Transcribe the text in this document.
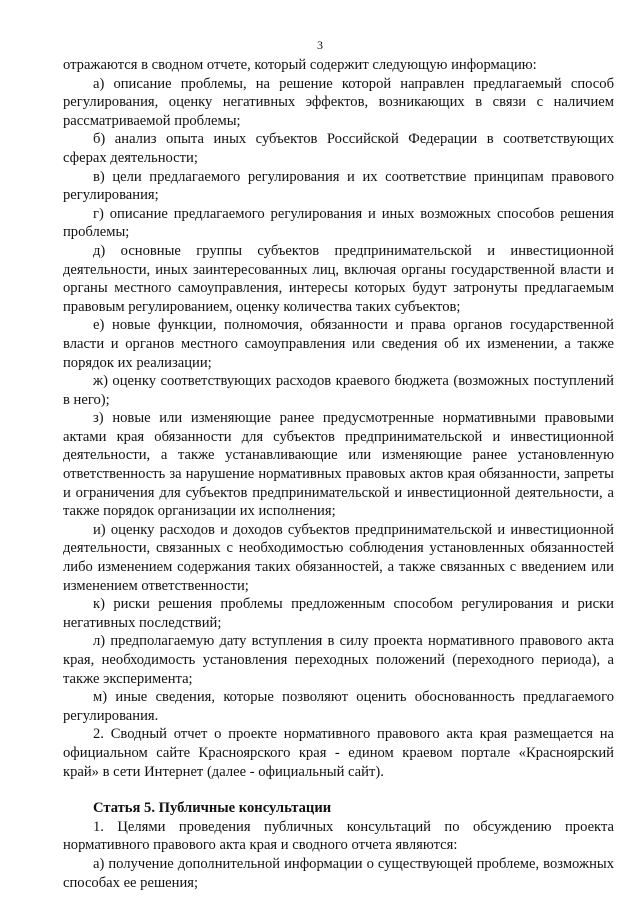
3

отражаются в сводном отчете, который содержит следующую информацию:

а) описание проблемы, на решение которой направлен предлагаемый способ регулирования, оценку негативных эффектов, возникающих в связи с наличием рассматриваемой проблемы;

б) анализ опыта иных субъектов Российской Федерации в соответствующих сферах деятельности;

в) цели предлагаемого регулирования и их соответствие принципам правового регулирования;

г) описание предлагаемого регулирования и иных возможных способов решения проблемы;

д) основные группы субъектов предпринимательской и инвестиционной деятельности, иных заинтересованных лиц, включая органы государственной власти и органы местного самоуправления, интересы которых будут затронуты предлагаемым правовым регулированием, оценку количества таких субъектов;

е) новые функции, полномочия, обязанности и права органов государственной власти и органов местного самоуправления или сведения об их изменении, а также порядок их реализации;

ж) оценку соответствующих расходов краевого бюджета (возможных поступлений в него);

з) новые или изменяющие ранее предусмотренные нормативными правовыми актами края обязанности для субъектов предпринимательской и инвестиционной деятельности, а также устанавливающие или изменяющие ранее установленную ответственность за нарушение нормативных правовых актов края обязанности, запреты и ограничения для субъектов предпринимательской и инвестиционной деятельности, а также порядок организации их исполнения;

и) оценку расходов и доходов субъектов предпринимательской и инвестиционной деятельности, связанных с необходимостью соблюдения установленных обязанностей либо изменением содержания таких обязанностей, а также связанных с введением или изменением ответственности;

к) риски решения проблемы предложенным способом регулирования и риски негативных последствий;

л) предполагаемую дату вступления в силу проекта нормативного правового акта края, необходимость установления переходных положений (переходного периода), а также эксперимента;

м) иные сведения, которые позволяют оценить обоснованность предлагаемого регулирования.

2. Сводный отчет о проекте нормативного правового акта края размещается на официальном сайте Красноярского края - едином краевом портале «Красноярский край» в сети Интернет (далее - официальный сайт).

Статья 5. Публичные консультации

1. Целями проведения публичных консультаций по обсуждению проекта нормативного правового акта края и сводного отчета являются:

а) получение дополнительной информации о существующей проблеме, возможных способах ее решения;
